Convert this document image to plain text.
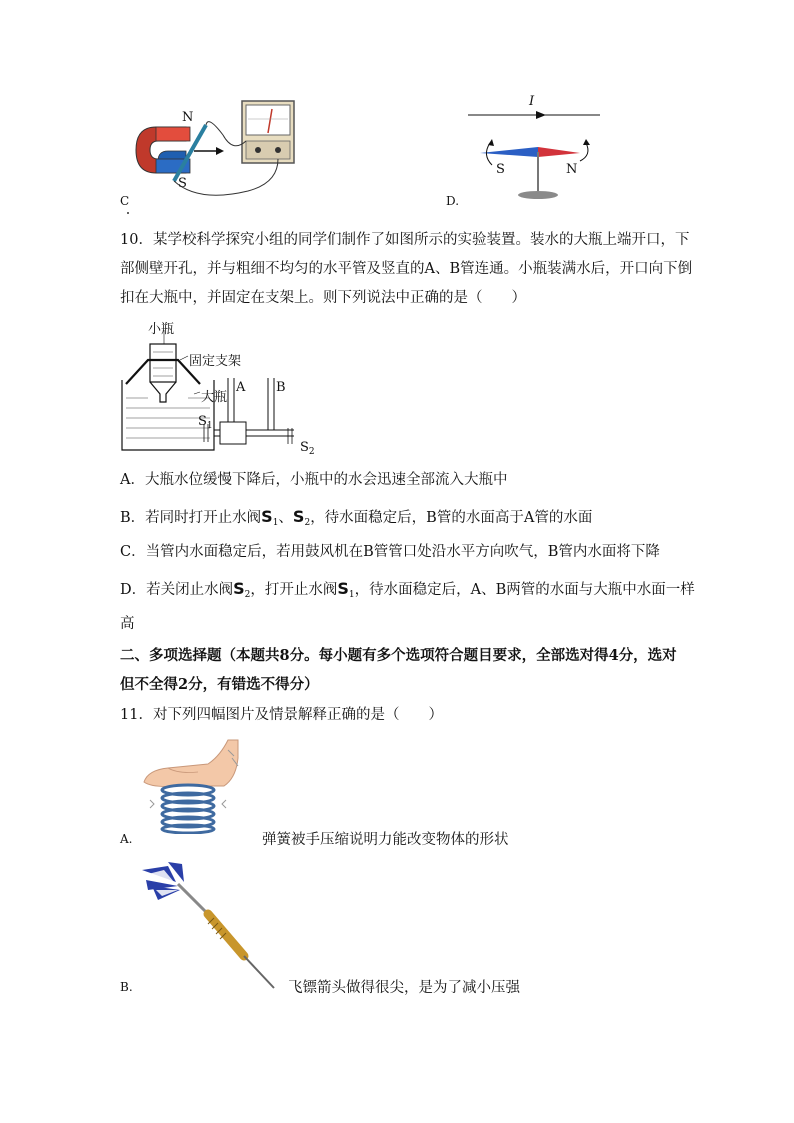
N
S
C
I
S	N
D.
10．某学校科学探究小组的同学们制作了如图所示的实验装置。装水的大瓶上端开口，下
部侧壁开孔，并与粗细不均匀的水平管及竖直的A、B管连通。小瓶装满水后，开口向下倒
扣在大瓶中，并固定在支架上。则下列说法中正确的是（　　）
小瓶
固定支架
大瓶
A B
$S_1$
$S_2$
A．大瓶水位缓慢下降后，小瓶中的水会迅速全部流入大瓶中
B．若同时打开止水阀$S_1$、$S_2$，待水面稳定后，B管的水面高于A管的水面
C．当管内水面稳定后，若用鼓风机在B管管口处沿水平方向吹气，B管内水面将下降
D．若关闭止水阀$S_2$，打开止水阀$S_1$，待水面稳定后，A、B两管的水面与大瓶中水面一样
高
二、多项选择题（本题共8分。每小题有多个选项符合题目要求，全部选对得4分，选对
但不全得2分，有错选不得分）
11．对下列四幅图片及情景解释正确的是（　　）
A.	弹簧被手压缩说明力能改变物体的形状
B.	飞镖箭头做得很尖，是为了减小压强
